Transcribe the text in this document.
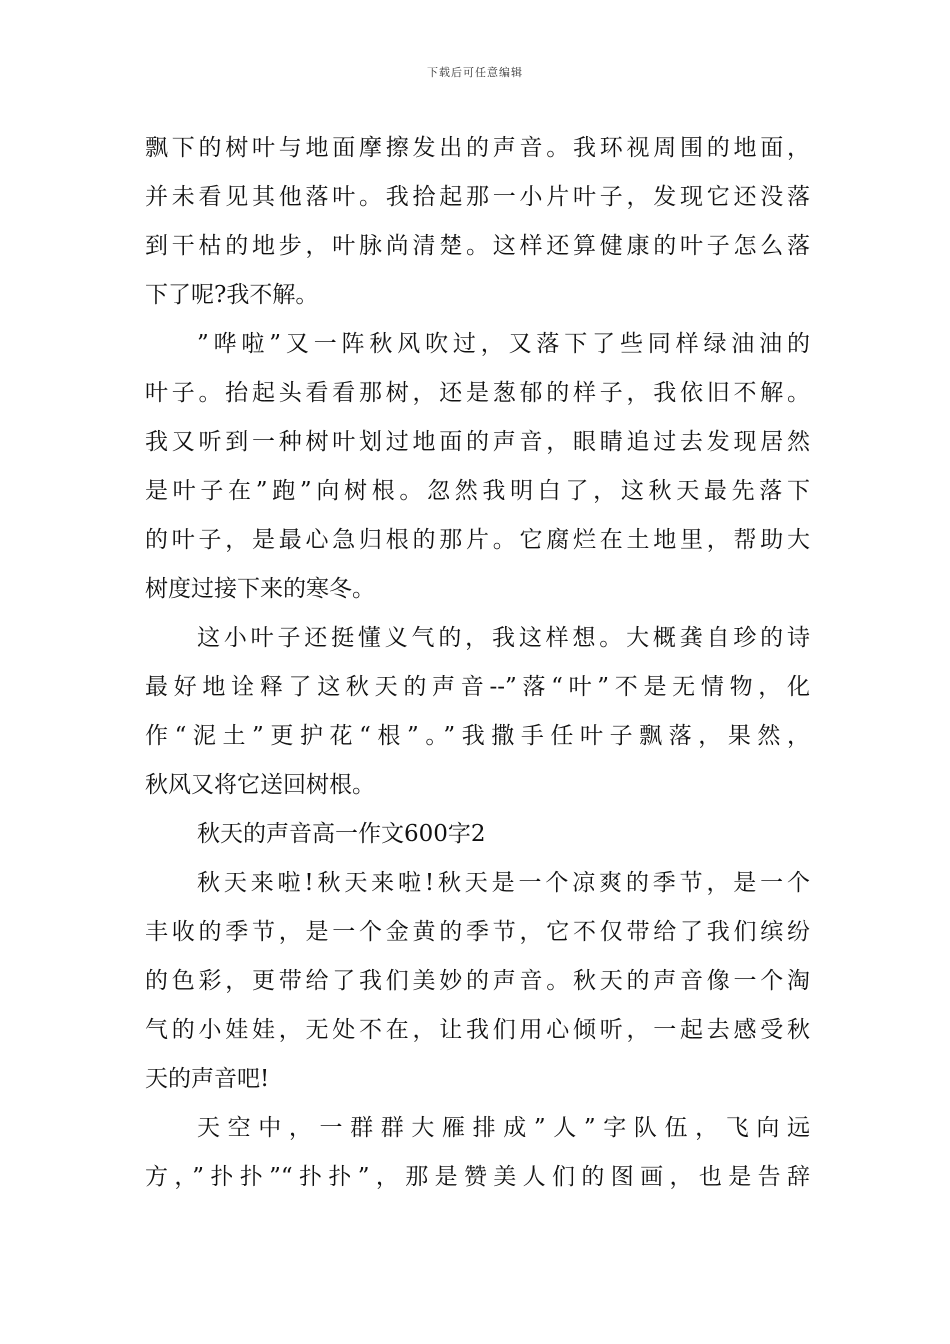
下载后可任意编辑
飘下的树叶与地面摩擦发出的声音。我环视周围的地面，
并未看见其他落叶。我拾起那一小片叶子，发现它还没落
到干枯的地步，叶脉尚清楚。这样还算健康的叶子怎么落
下了呢?我不解。
”哗啦”又一阵秋风吹过，又落下了些同样绿油油的
叶子。抬起头看看那树，还是葱郁的样子，我依旧不解。
我又听到一种树叶划过地面的声音，眼睛追过去发现居然
是叶子在”跑”向树根。忽然我明白了，这秋天最先落下
的叶子，是最心急归根的那片。它腐烂在土地里，帮助大
树度过接下来的寒冬。
这小叶子还挺懂义气的，我这样想。大概龚自珍的诗
最好地诠释了这秋天的声音--”落“叶”不是无情物，化
作“泥土”更护花“根”。”我撒手任叶子飘落，果然，
秋风又将它送回树根。
秋天的声音高一作文600字2
秋天来啦!秋天来啦!秋天是一个凉爽的季节，是一个
丰收的季节，是一个金黄的季节，它不仅带给了我们缤纷
的色彩，更带给了我们美妙的声音。秋天的声音像一个淘
气的小娃娃，无处不在，让我们用心倾听，一起去感受秋
天的声音吧!
天空中，一群群大雁排成”人”字队伍，飞向远
方，”扑扑”“扑扑”，那是赞美人们的图画，也是告辞
